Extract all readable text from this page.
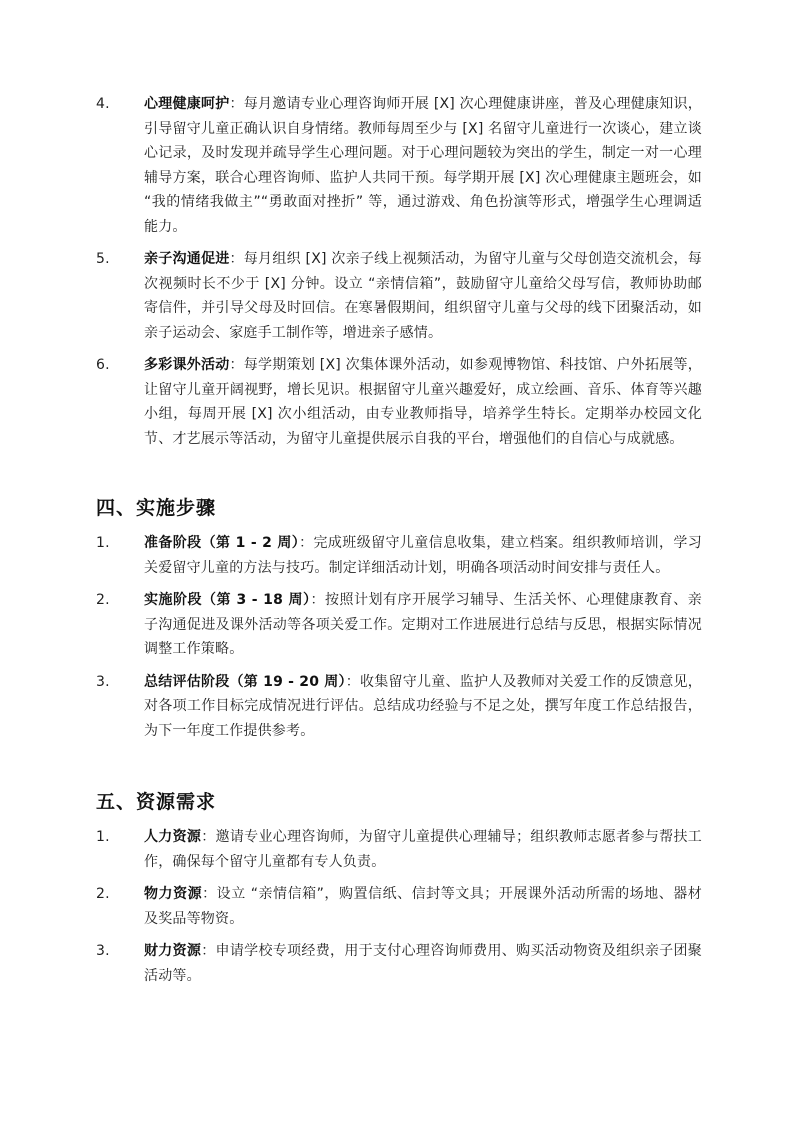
4. 心理健康呵护：每月邀请专业心理咨询师开展 [X] 次心理健康讲座，普及心理健康知识，引导留守儿童正确认识自身情绪。教师每周至少与 [X] 名留守儿童进行一次谈心，建立谈心记录，及时发现并疏导学生心理问题。对于心理问题较为突出的学生，制定一对一心理辅导方案，联合心理咨询师、监护人共同干预。每学期开展 [X] 次心理健康主题班会，如 “我的情绪我做主”“勇敢面对挫折” 等，通过游戏、角色扮演等形式，增强学生心理调适能力。
5. 亲子沟通促进：每月组织 [X] 次亲子线上视频活动，为留守儿童与父母创造交流机会，每次视频时长不少于 [X] 分钟。设立 “亲情信箱”，鼓励留守儿童给父母写信，教师协助邮寄信件，并引导父母及时回信。在寒暑假期间，组织留守儿童与父母的线下团聚活动，如亲子运动会、家庭手工制作等，增进亲子感情。
6. 多彩课外活动：每学期策划 [X] 次集体课外活动，如参观博物馆、科技馆、户外拓展等，让留守儿童开阔视野，增长见识。根据留守儿童兴趣爱好，成立绘画、音乐、体育等兴趣小组，每周开展 [X] 次小组活动，由专业教师指导，培养学生特长。定期举办校园文化节、才艺展示等活动，为留守儿童提供展示自我的平台，增强他们的自信心与成就感。
四、实施步骤
1. 准备阶段（第 1 - 2 周）：完成班级留守儿童信息收集，建立档案。组织教师培训，学习关爱留守儿童的方法与技巧。制定详细活动计划，明确各项活动时间安排与责任人。
2. 实施阶段（第 3 - 18 周）：按照计划有序开展学习辅导、生活关怀、心理健康教育、亲子沟通促进及课外活动等各项关爱工作。定期对工作进展进行总结与反思，根据实际情况调整工作策略。
3. 总结评估阶段（第 19 - 20 周）：收集留守儿童、监护人及教师对关爱工作的反馈意见，对各项工作目标完成情况进行评估。总结成功经验与不足之处，撰写年度工作总结报告，为下一年度工作提供参考。
五、资源需求
1. 人力资源：邀请专业心理咨询师，为留守儿童提供心理辅导；组织教师志愿者参与帮扶工作，确保每个留守儿童都有专人负责。
2. 物力资源：设立 “亲情信箱”，购置信纸、信封等文具；开展课外活动所需的场地、器材及奖品等物资。
3. 财力资源：申请学校专项经费，用于支付心理咨询师费用、购买活动物资及组织亲子团聚活动等。
